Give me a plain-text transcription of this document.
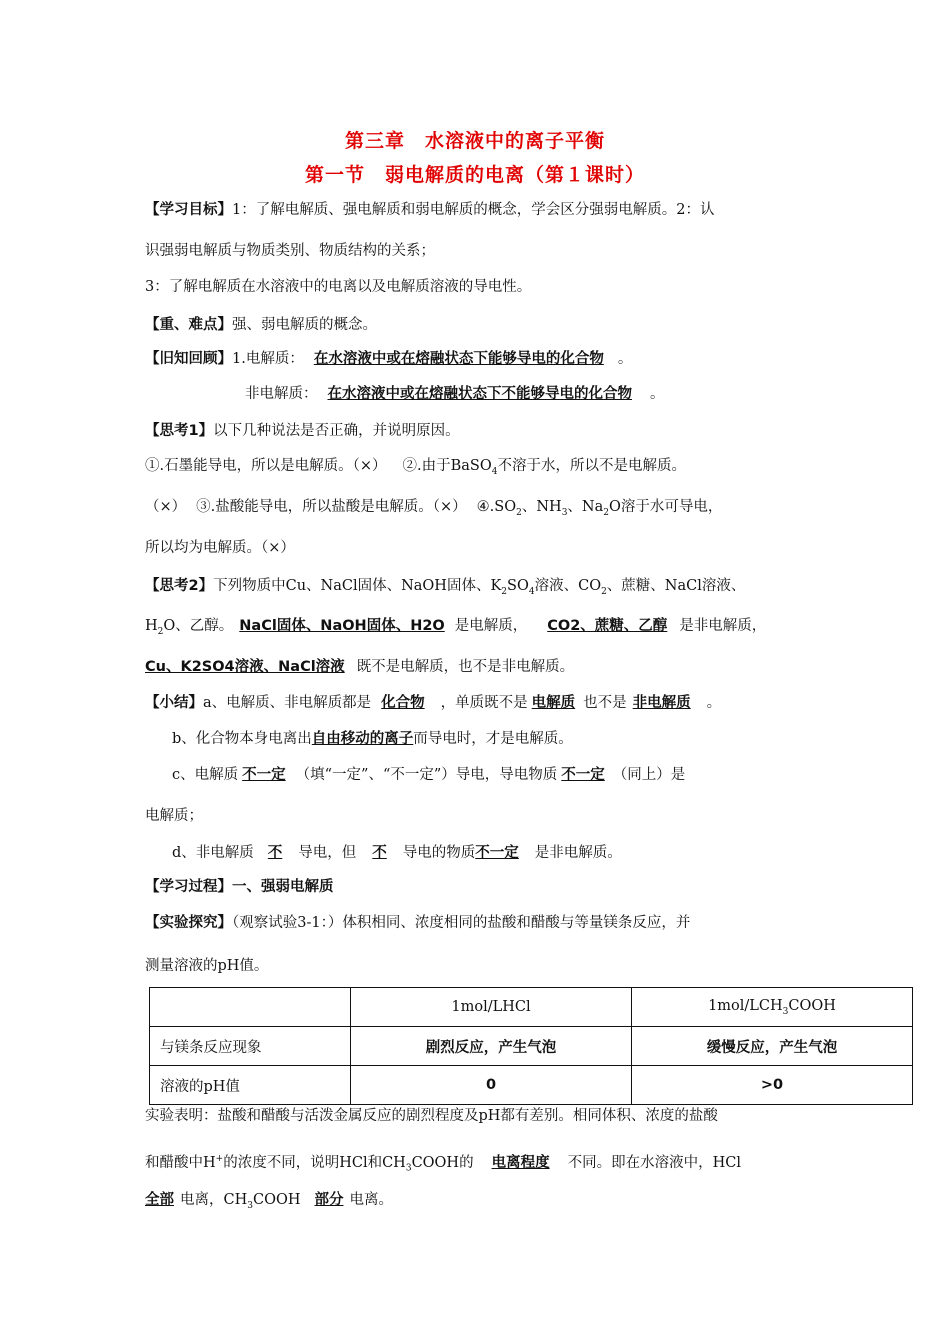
第三章　水溶液中的离子平衡
第一节　弱电解质的电离（第１课时）
【学习目标】1：了解电解质、强电解质和弱电解质的概念，学会区分强弱电解质。2：认
识强弱电解质与物质类别、物质结构的关系；
3：了解电解质在水溶液中的电离以及电解质溶液的导电性。
【重、难点】强、弱电解质的概念。
【旧知回顾】1.电解质： 在水溶液中或在熔融状态下能够导电的化合物 。
非电解质： 在水溶液中或在熔融状态下不能够导电的化合物 。
【思考1】以下几种说法是否正确，并说明原因。
①.石墨能导电，所以是电解质。（×） ②.由于BaSO$_4$不溶于水，所以不是电解质。
（×） ③.盐酸能导电，所以盐酸是电解质。（×） $④.SO_2$、$NH_3$、$Na_2O$溶于水可导电，
所以均为电解质。（×）
【思考2】下列物质中Cu、NaCl固体、NaOH固体、$K_2SO_4$溶液、$CO_2$、蔗糖、NaCl溶液、
$H_2O$、乙醇。 NaCl固体、NaOH固体、H2O 是电解质， CO2、蔗糖、乙醇 是非电解质，
Cu、K2SO4溶液、NaCl溶液 既不是电解质，也不是非电解质。
【小结】a、电解质、非电解质都是 化合物 ，单质既不是 电解质 也不是 非电解质 。
b、化合物本身电离出自由移动的离子而导电时，才是电解质。
c、电解质 不一定 （填“一定”、“不一定”）导电，导电物质 不一定 （同上）是
电解质；
d、非电解质 不 导电，但 不 导电的物质不一定 是非电解质。
【学习过程】一、强弱电解质
【实验探究】（观察试验3-1：）体积相同、浓度相同的盐酸和醋酸与等量镁条反应，并
测量溶液的pH值。
	1mol/LHCl	$1mol/LCH_3COOH$
与镁条反应现象	剧烈反应，产生气泡	缓慢反应，产生气泡
溶液的pH值	0	>0
实验表明：盐酸和醋酸与活泼金属反应的剧烈程度及pH都有差别。相同体积、浓度的盐酸
和醋酸中H+的浓度不同，说明HCl和$CH_3COOH$的 电离程度 不同。即在水溶液中，HCl
全部 电离，$CH_3COOH$ 部分 电离。
